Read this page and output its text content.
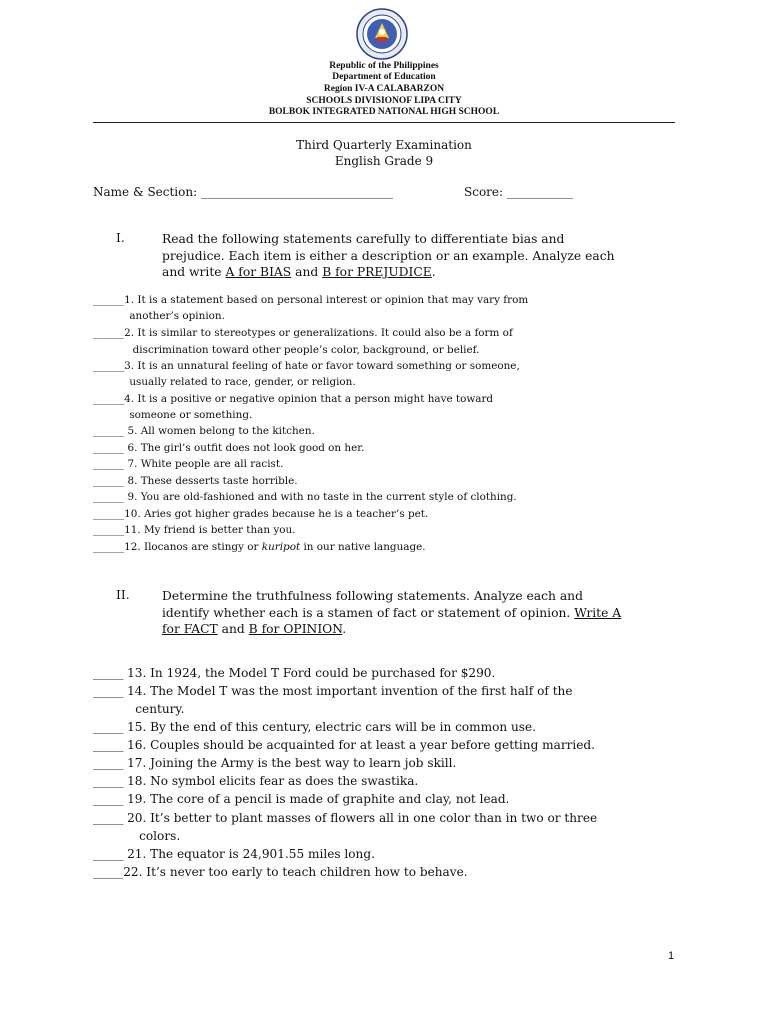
Republic of the Philippines
Department of Education
Region IV-A CALABARZON
SCHOOLS DIVISIONOF LIPA CITY
BOLBOK INTEGRATED NATIONAL HIGH SCHOOL
Third Quarterly Examination
English Grade 9
Name & Section: ________________________________	Score: ___________
I.	Read the following statements carefully to differentiate bias and
prejudice. Each item is either a description or an example. Analyze each
and write A for BIAS and B for PREJUDICE.
______1. It is a statement based on personal interest or opinion that may vary from
another’s opinion.
______2. It is similar to stereotypes or generalizations. It could also be a form of
discrimination toward other people’s color, background, or belief.
______3. It is an unnatural feeling of hate or favor toward something or someone,
usually related to race, gender, or religion.
______4. It is a positive or negative opinion that a person might have toward
someone or something.
______ 5. All women belong to the kitchen.
______ 6. The girl’s outfit does not look good on her.
______ 7. White people are all racist.
______ 8. These desserts taste horrible.
______ 9. You are old-fashioned and with no taste in the current style of clothing.
______10. Aries got higher grades because he is a teacher’s pet.
______11. My friend is better than you.
______12. Ilocanos are stingy or kuripot in our native language.
II.	Determine the truthfulness following statements. Analyze each and
identify whether each is a stamen of fact or statement of opinion. Write A
for FACT and B for OPINION.
_____ 13. In 1924, the Model T Ford could be purchased for $290.
_____ 14. The Model T was the most important invention of the first half of the
century.
_____ 15. By the end of this century, electric cars will be in common use.
_____ 16. Couples should be acquainted for at least a year before getting married.
_____ 17. Joining the Army is the best way to learn job skill.
_____ 18. No symbol elicits fear as does the swastika.
_____ 19. The core of a pencil is made of graphite and clay, not lead.
_____ 20. It’s better to plant masses of flowers all in one color than in two or three
colors.
_____ 21. The equator is 24,901.55 miles long.
_____22. It’s never too early to teach children how to behave.
1
